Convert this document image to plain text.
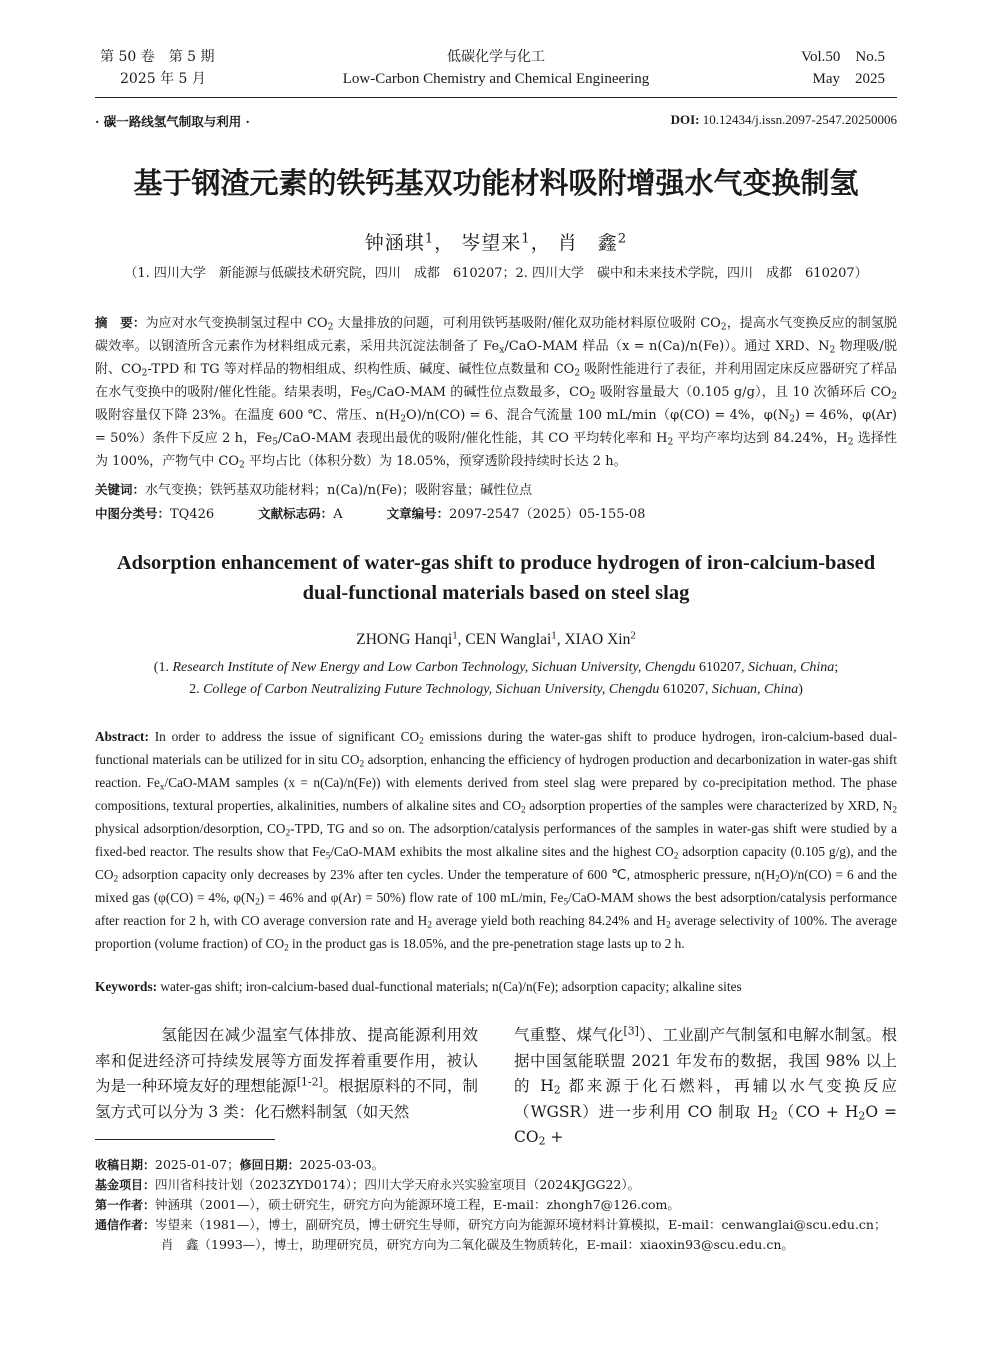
第 50 卷　第 5 期
2025 年 5 月
低碳化学与化工
Low-Carbon Chemistry and Chemical Engineering
Vol.50　No.5
May　2025
· 碳一路线氢气制取与利用 ·	DOI: 10.12434/j.issn.2097-2547.20250006
基于钢渣元素的铁钙基双功能材料吸附增强水气变换制氢
钟涵琪$^1$， 岑望来$^1$， 肖　鑫$^2$
（1. 四川大学　新能源与低碳技术研究院，四川　成都　610207；2. 四川大学　碳中和未来技术学院，四川　成都　610207）
摘　要：为应对水气变换制氢过程中 $CO_2$ 大量排放的问题，可利用铁钙基吸附/催化双功能材料原位吸附 $CO_2$，提高水气变换反应的制氢脱碳效率。以钢渣所含元素作为材料组成元素，采用共沉淀法制备了 $Fe_x/CaO$-MAM 样品（x = n(Ca)/n(Fe)）。通过 XRD、$N_2$ 物理吸/脱附、$CO_2$-TPD 和 TG 等对样品的物相组成、织构性质、碱度、碱性位点数量和 $CO_2$ 吸附性能进行了表征，并利用固定床反应器研究了样品在水气变换中的吸附/催化性能。结果表明，$Fe_5/CaO$-MAM 的碱性位点数最多，$CO_2$ 吸附容量最大（0.105 g/g），且 10 次循环后 $CO_2$ 吸附容量仅下降 23%。在温度 600 ℃、常压、$n(H_2O)/n(CO) = 6$、混合气流量 100 mL/min（φ(CO) = 4%，$\varphi(N_2) = 46\%$，φ(Ar) = 50%）条件下反应 2 h，$Fe_5/CaO$-MAM 表现出最优的吸附/催化性能，其 CO 平均转化率和 $H_2$ 平均产率均达到 84.24%，$H_2$ 选择性为 100%，产物气中 $CO_2$ 平均占比（体积分数）为 18.05%，预穿透阶段持续时长达 2 h。
关键词：水气变换；铁钙基双功能材料；n(Ca)/n(Fe)；吸附容量；碱性位点
中图分类号：TQ426	文献标志码：A	文章编号：2097-2547（2025）05-155-08
Adsorption enhancement of water-gas shift to produce hydrogen of iron-calcium-based dual-functional materials based on steel slag
ZHONG Hanqi$^1$, CEN Wanglai$^1$, XIAO Xin$^2$
(1. Research Institute of New Energy and Low Carbon Technology, Sichuan University, Chengdu 610207, Sichuan, China;
2. College of Carbon Neutralizing Future Technology, Sichuan University, Chengdu 610207, Sichuan, China)
Abstract: In order to address the issue of significant $CO_2$ emissions during the water-gas shift to produce hydrogen, iron-calcium-based dual-functional materials can be utilized for in situ $CO_2$ adsorption, enhancing the efficiency of hydrogen production and decarbonization in water-gas shift reaction. $Fe_x/CaO$-MAM samples (x = n(Ca)/n(Fe)) with elements derived from steel slag were prepared by co-precipitation method. The phase compositions, textural properties, alkalinities, numbers of alkaline sites and $CO_2$ adsorption properties of the samples were characterized by XRD, $N_2$ physical adsorption/desorption, $CO_2$-TPD, TG and so on. The adsorption/catalysis performances of the samples in water-gas shift were studied by a fixed-bed reactor. The results show that $Fe_5/CaO$-MAM exhibits the most alkaline sites and the highest $CO_2$ adsorption capacity (0.105 g/g), and the $CO_2$ adsorption capacity only decreases by 23% after ten cycles. Under the temperature of 600 ℃, atmospheric pressure, $n(H_2O)/n(CO) = 6$ and the mixed gas (φ(CO) = 4%, $\varphi(N_2) = 46\%$ and φ(Ar) = 50%) flow rate of 100 mL/min, $Fe_5/CaO$-MAM shows the best adsorption/catalysis performance after reaction for 2 h, with CO average conversion rate and $H_2$ average yield both reaching 84.24% and $H_2$ average selectivity of 100%. The average proportion (volume fraction) of $CO_2$ in the product gas is 18.05%, and the pre-penetration stage lasts up to 2 h.
Keywords: water-gas shift; iron-calcium-based dual-functional materials; n(Ca)/n(Fe); adsorption capacity; alkaline sites
氢能因在减少温室气体排放、提高能源利用效率和促进经济可持续发展等方面发挥着重要作用，被认为是一种环境友好的理想能源[1-2]。根据原料的不同，制氢方式可以分为 3 类：化石燃料制氢（如天然
气重整、煤气化[3]）、工业副产气制氢和电解水制氢。根据中国氢能联盟 2021 年发布的数据，我国 98% 以上的 $H_2$ 都来源于化石燃料，再辅以水气变换反应（WGSR）进一步利用 CO 制取 $H_2(CO + H_2O = CO_2$ +
收稿日期：2025-01-07；修回日期：2025-03-03。
基金项目：四川省科技计划（2023ZYD0174）；四川大学天府永兴实验室项目（2024KJGG22）。
第一作者：钟涵琪（2001—），硕士研究生，研究方向为能源环境工程，E-mail：zhongh7@126.com。
通信作者：岑望来（1981—），博士，副研究员，博士研究生导师，研究方向为能源环境材料计算模拟，E-mail：cenwanglai@scu.edu.cn；
肖　鑫（1993—），博士，助理研究员，研究方向为二氧化碳及生物质转化，E-mail：xiaoxin93@scu.edu.cn。
